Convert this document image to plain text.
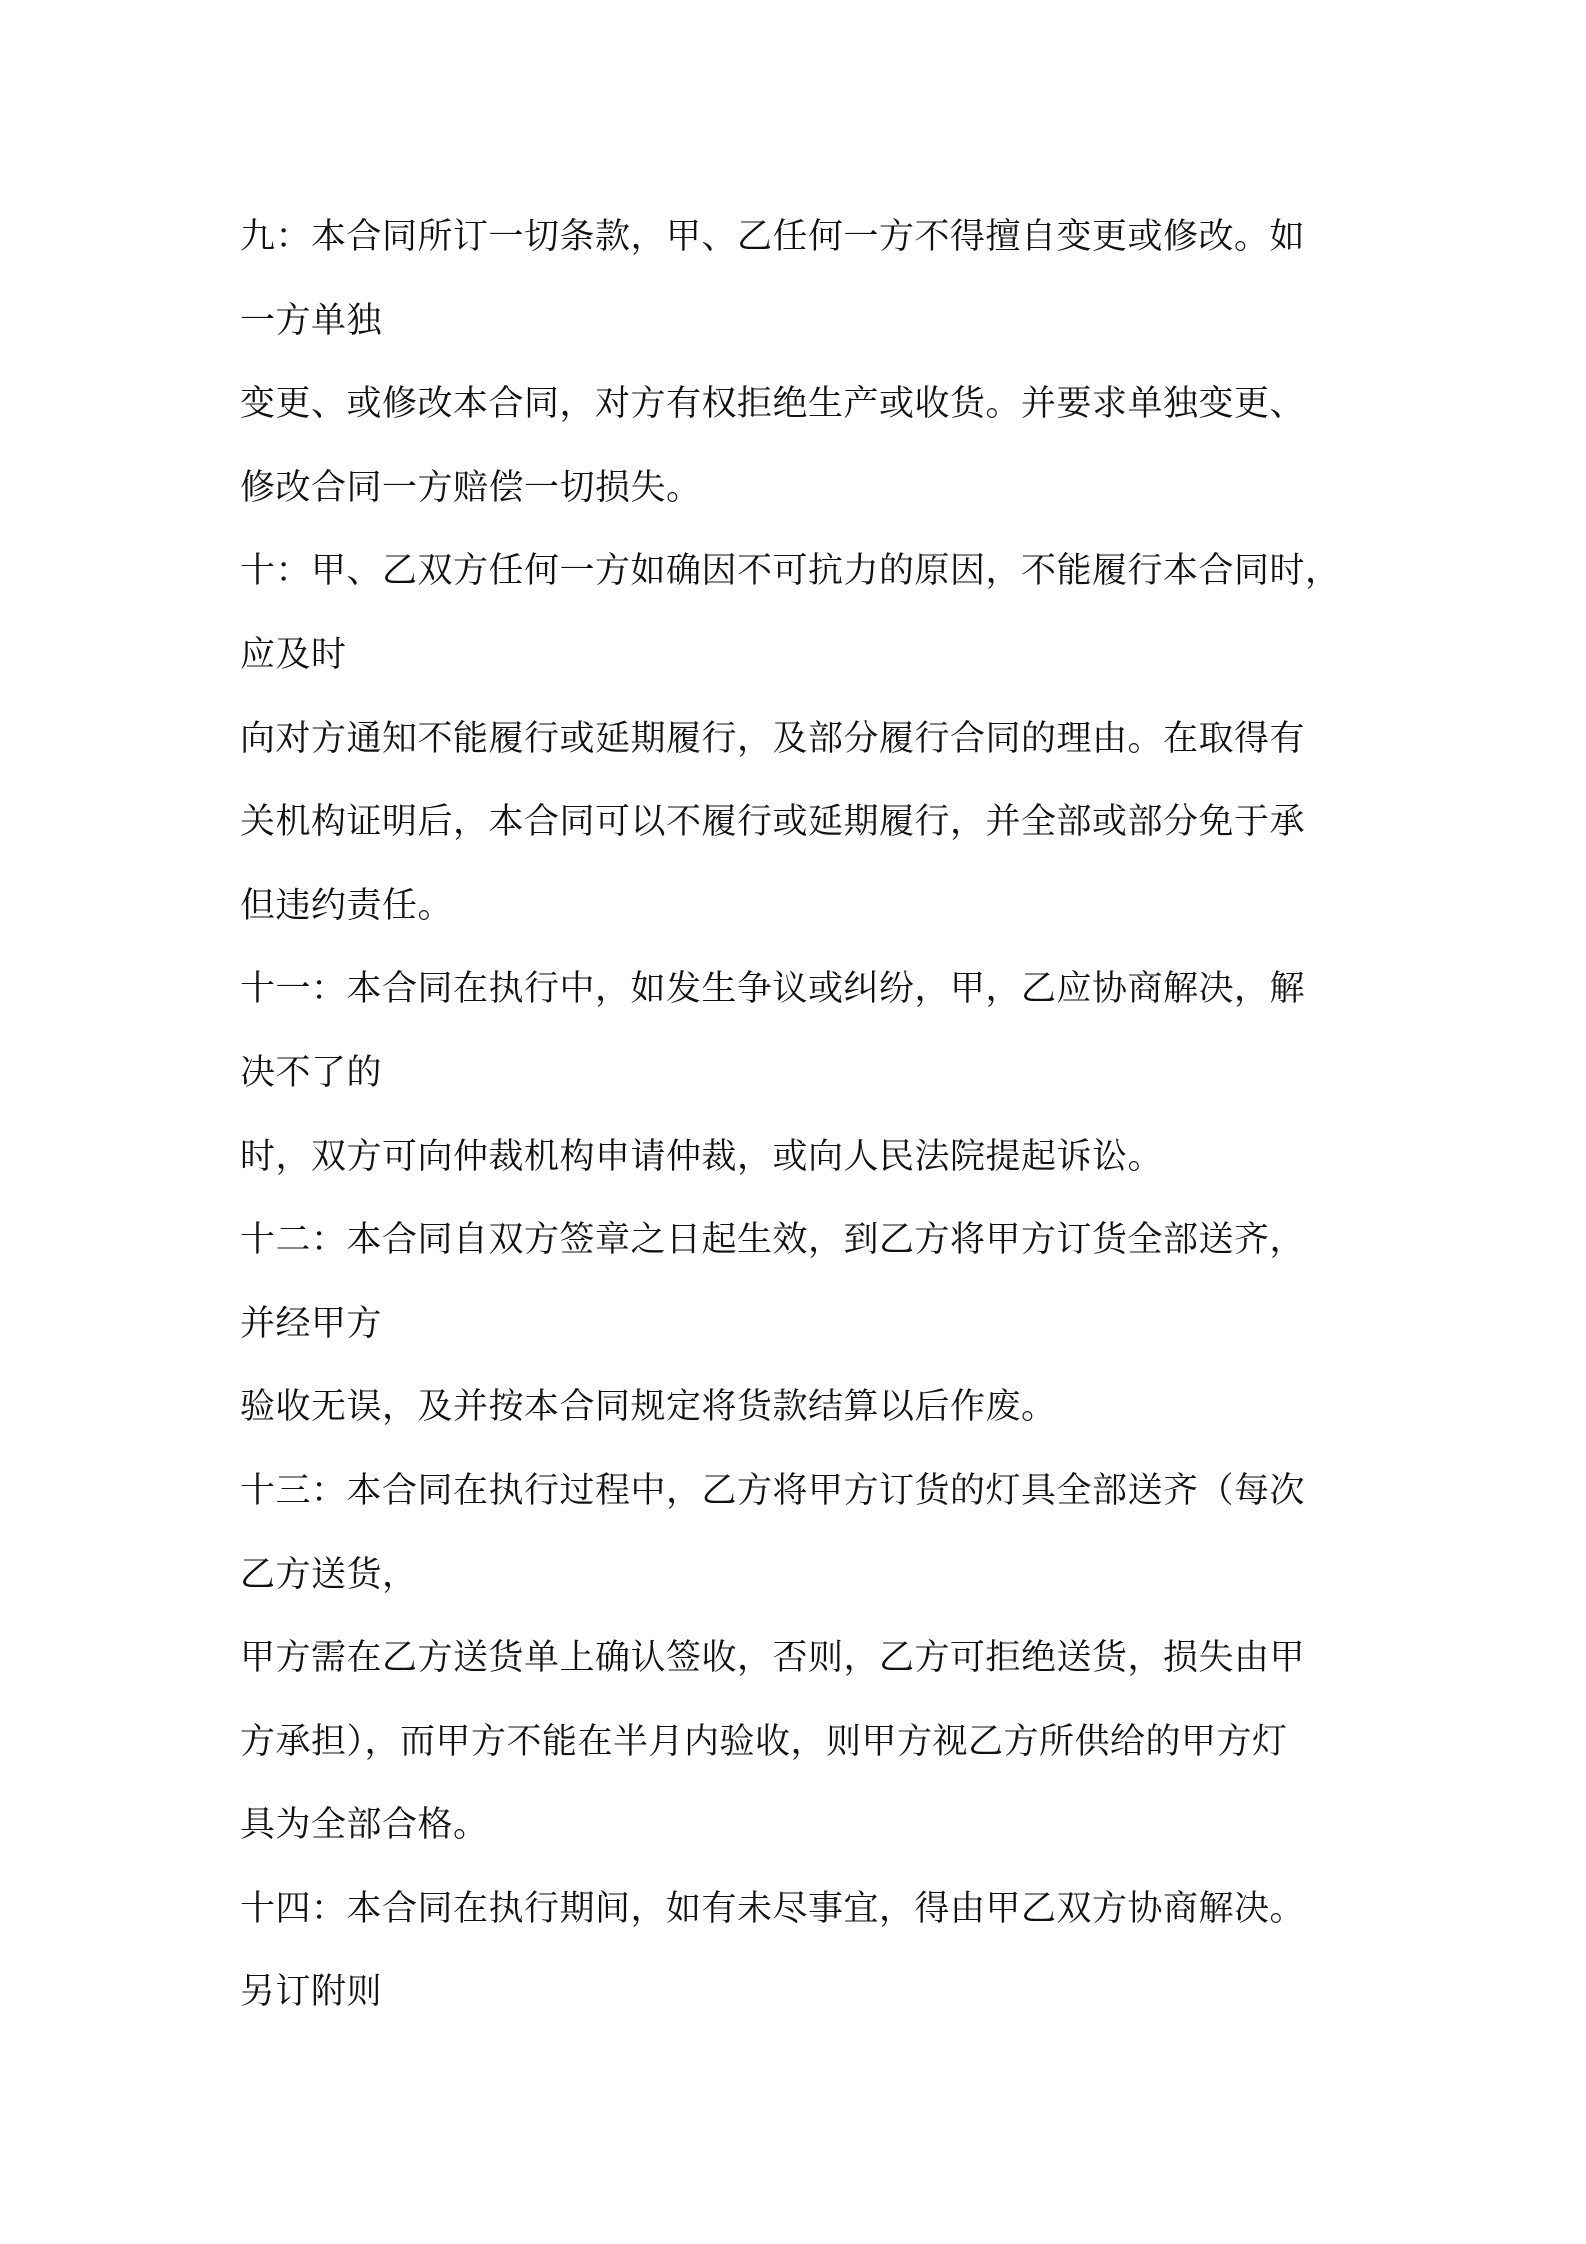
九：本合同所订一切条款，甲、乙任何一方不得擅自变更或修改。如
一方单独
变更、或修改本合同，对方有权拒绝生产或收货。并要求单独变更、
修改合同一方赔偿一切损失。
十：甲、乙双方任何一方如确因不可抗力的原因，不能履行本合同时，
应及时
向对方通知不能履行或延期履行，及部分履行合同的理由。在取得有
关机构证明后，本合同可以不履行或延期履行，并全部或部分免于承
但违约责任。
十一：本合同在执行中，如发生争议或纠纷，甲，乙应协商解决，解
决不了的
时，双方可向仲裁机构申请仲裁，或向人民法院提起诉讼。
十二：本合同自双方签章之日起生效，到乙方将甲方订货全部送齐，
并经甲方
验收无误，及并按本合同规定将货款结算以后作废。
十三：本合同在执行过程中，乙方将甲方订货的灯具全部送齐（每次
乙方送货，
甲方需在乙方送货单上确认签收，否则，乙方可拒绝送货，损失由甲
方承担），而甲方不能在半月内验收，则甲方视乙方所供给的甲方灯
具为全部合格。
十四：本合同在执行期间，如有未尽事宜，得由甲乙双方协商解决。
另订附则
